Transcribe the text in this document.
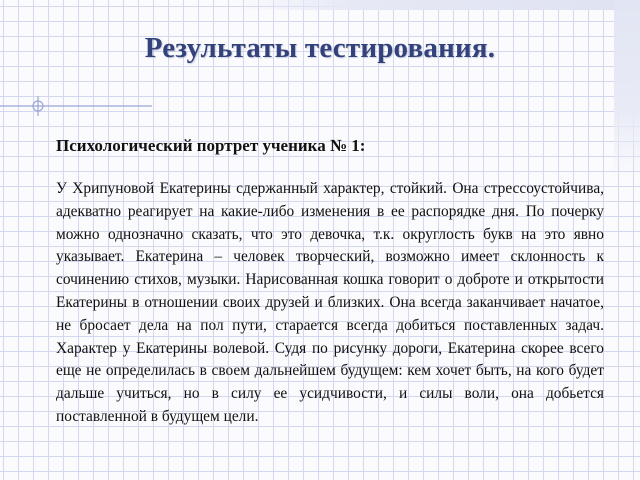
Результаты тестирования.

Психологический портрет ученика № 1:

У Хрипуновой Екатерины сдержанный характер, стойкий. Она стрессоустойчива, адекватно реагирует на какие-либо изменения в ее распорядке дня. По почерку можно однозначно сказать, что это девочка, т.к. округлость букв на это явно указывает. Екатерина – человек творческий, возможно имеет склонность к сочинению стихов, музыки. Нарисованная кошка говорит о доброте и открытости Екатерины в отношении своих друзей и близких. Она всегда заканчивает начатое, не бросает дела на пол пути, старается всегда добиться поставленных задач. Характер у Екатерины волевой. Судя по рисунку дороги, Екатерина скорее всего еще не определилась в своем дальнейшем будущем: кем хочет быть, на кого будет дальше учиться, но в силу ее усидчивости, и силы воли, она добьется поставленной в будущем цели.
